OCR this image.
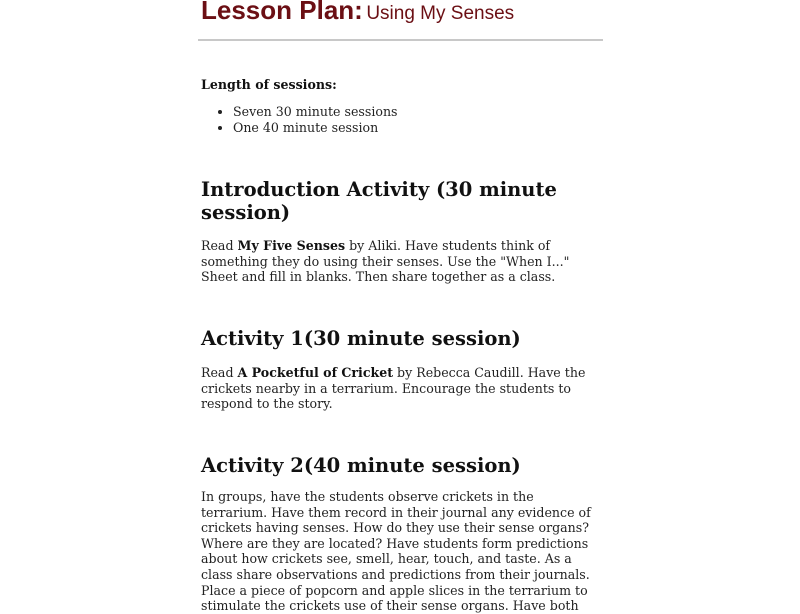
Lesson Plan: Using My Senses

Length of sessions:

• Seven 30 minute sessions
• One 40 minute session
Introduction Activity (30 minute session)

Read My Five Senses by Aliki. Have students think of something they do using their senses. Use the "When I..." Sheet and fill in blanks. Then share together as a class.

Activity 1(30 minute session)

Read A Pocketful of Cricket by Rebecca Caudill. Have the crickets nearby in a terrarium. Encourage the students to respond to the story.

Activity 2(40 minute session)

In groups, have the students observe crickets in the terrarium. Have them record in their journal any evidence of crickets having senses. How do they use their sense organs? Where are they are located? Have students form predictions about how crickets see, smell, hear, touch, and taste. As a class share observations and predictions from their journals. Place a piece of popcorn and apple slices in the terrarium to stimulate the crickets use of their sense organs. Have both
